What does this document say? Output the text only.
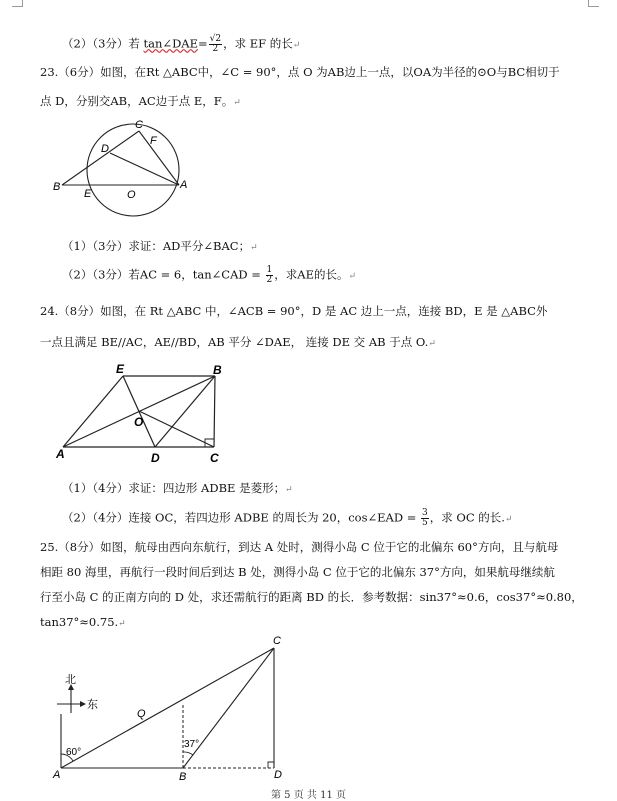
（2）（3分）若 tan∠DAE= $\frac{√2}{2}$ ，求 EF 的长↵
23.（6分）如图，在Rt △ABC中，∠C = 90°，点 O 为AB边上一点，以OA为半径的⊙O与BC相切于
点 D，分别交AB，AC边于点 E，F。↵
C
F
D
B
E	O
A
（1）（3分）求证：AD平分∠BAC；↵
（2）（3分）若AC = 6，tan∠CAD = $\frac{1}{2}$ ，求AE的长。↵
24.（8分）如图，在 Rt △ABC 中，∠ACB = 90°，D 是 AC 边上一点，连接 BD，E 是 △ABC外
一点且满足 BE//AC，AE//BD，AB 平分 ∠DAE， 连接 DE 交 AB 于点 O.↵
E	B
O
A	D	C
（1）（4分）求证：四边形 ADBE 是菱形；↵
（2）（4分）连接 OC，若四边形 ADBE 的周长为 20，cos∠EAD = $\frac{3}{5}$ ，求 OC 的长.↵
25.（8分）如图，航母由西向东航行，到达 A 处时，测得小岛 C 位于它的北偏东 60°方向，且与航母
相距 80 海里，再航行一段时间后到达 B 处，测得小岛 C 位于它的北偏东 37°方向，如果航母继续航
行至小岛 C 的正南方向的 D 处，求还需航行的距离 BD 的长．参考数据：sin37°≈0.6，cos37°≈0.80，
tan37°≈0.75.↵
北
东
C
Q
60°
37°
A	B	D
第 5 页 共 11 页
